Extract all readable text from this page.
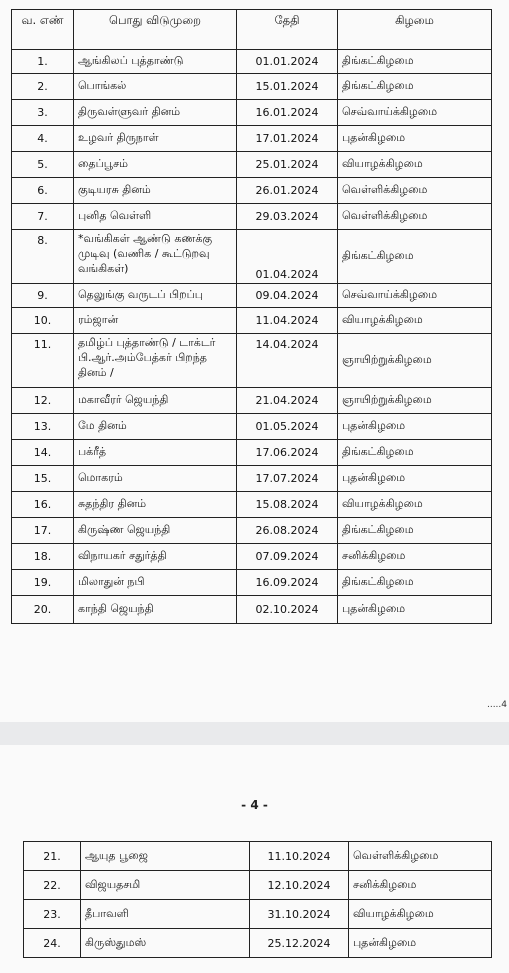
வ. எண்	பொது விடுமுறை	தேதி	கிழமை
1.	ஆங்கிலப் புத்தாண்டு	01.01.2024	திங்கட்கிழமை
2.	பொங்கல்	15.01.2024	திங்கட்கிழமை
3.	திருவள்ளுவர் தினம்	16.01.2024	செவ்வாய்க்கிழமை
4.	உழவர் திருநாள்	17.01.2024	புதன்கிழமை
5.	தைப்பூசம்	25.01.2024	வியாழக்கிழமை
6.	குடியரசு தினம்	26.01.2024	வெள்ளிக்கிழமை
7.	புனித வெள்ளி	29.03.2024	வெள்ளிக்கிழமை
8.	*வங்கிகள் ஆண்டு கணக்கு முடிவு (வணிக / கூட்டுறவு வங்கிகள்)	01.04.2024	திங்கட்கிழமை
9.	தெலுங்கு வருடப் பிறப்பு	09.04.2024	செவ்வாய்க்கிழமை
10.	ரம்ஜான்	11.04.2024	வியாழக்கிழமை
11.	தமிழ்ப் புத்தாண்டு / டாக்டர் பி.ஆர்.அம்பேத்கர் பிறந்த தினம் /	14.04.2024	ஞாயிற்றுக்கிழமை
12.	மகாவீரர் ஜெயந்தி	21.04.2024	ஞாயிற்றுக்கிழமை
13.	மே தினம்	01.05.2024	புதன்கிழமை
14.	பக்ரீத்	17.06.2024	திங்கட்கிழமை
15.	மொகரம்	17.07.2024	புதன்கிழமை
16.	சுதந்திர தினம்	15.08.2024	வியாழக்கிழமை
17.	கிருஷ்ண ஜெயந்தி	26.08.2024	திங்கட்கிழமை
18.	விநாயகர் சதுர்த்தி	07.09.2024	சனிக்கிழமை
19.	மிலாதுன் நபி	16.09.2024	திங்கட்கிழமை
20.	காந்தி ஜெயந்தி	02.10.2024	புதன்கிழமை
.....4
- 4 -
21.	ஆயுத பூஜை	11.10.2024	வெள்ளிக்கிழமை
22.	விஜயதசமி	12.10.2024	சனிக்கிழமை
23.	தீபாவளி	31.10.2024	வியாழக்கிழமை
24.	கிருஸ்துமஸ்	25.12.2024	புதன்கிழமை
